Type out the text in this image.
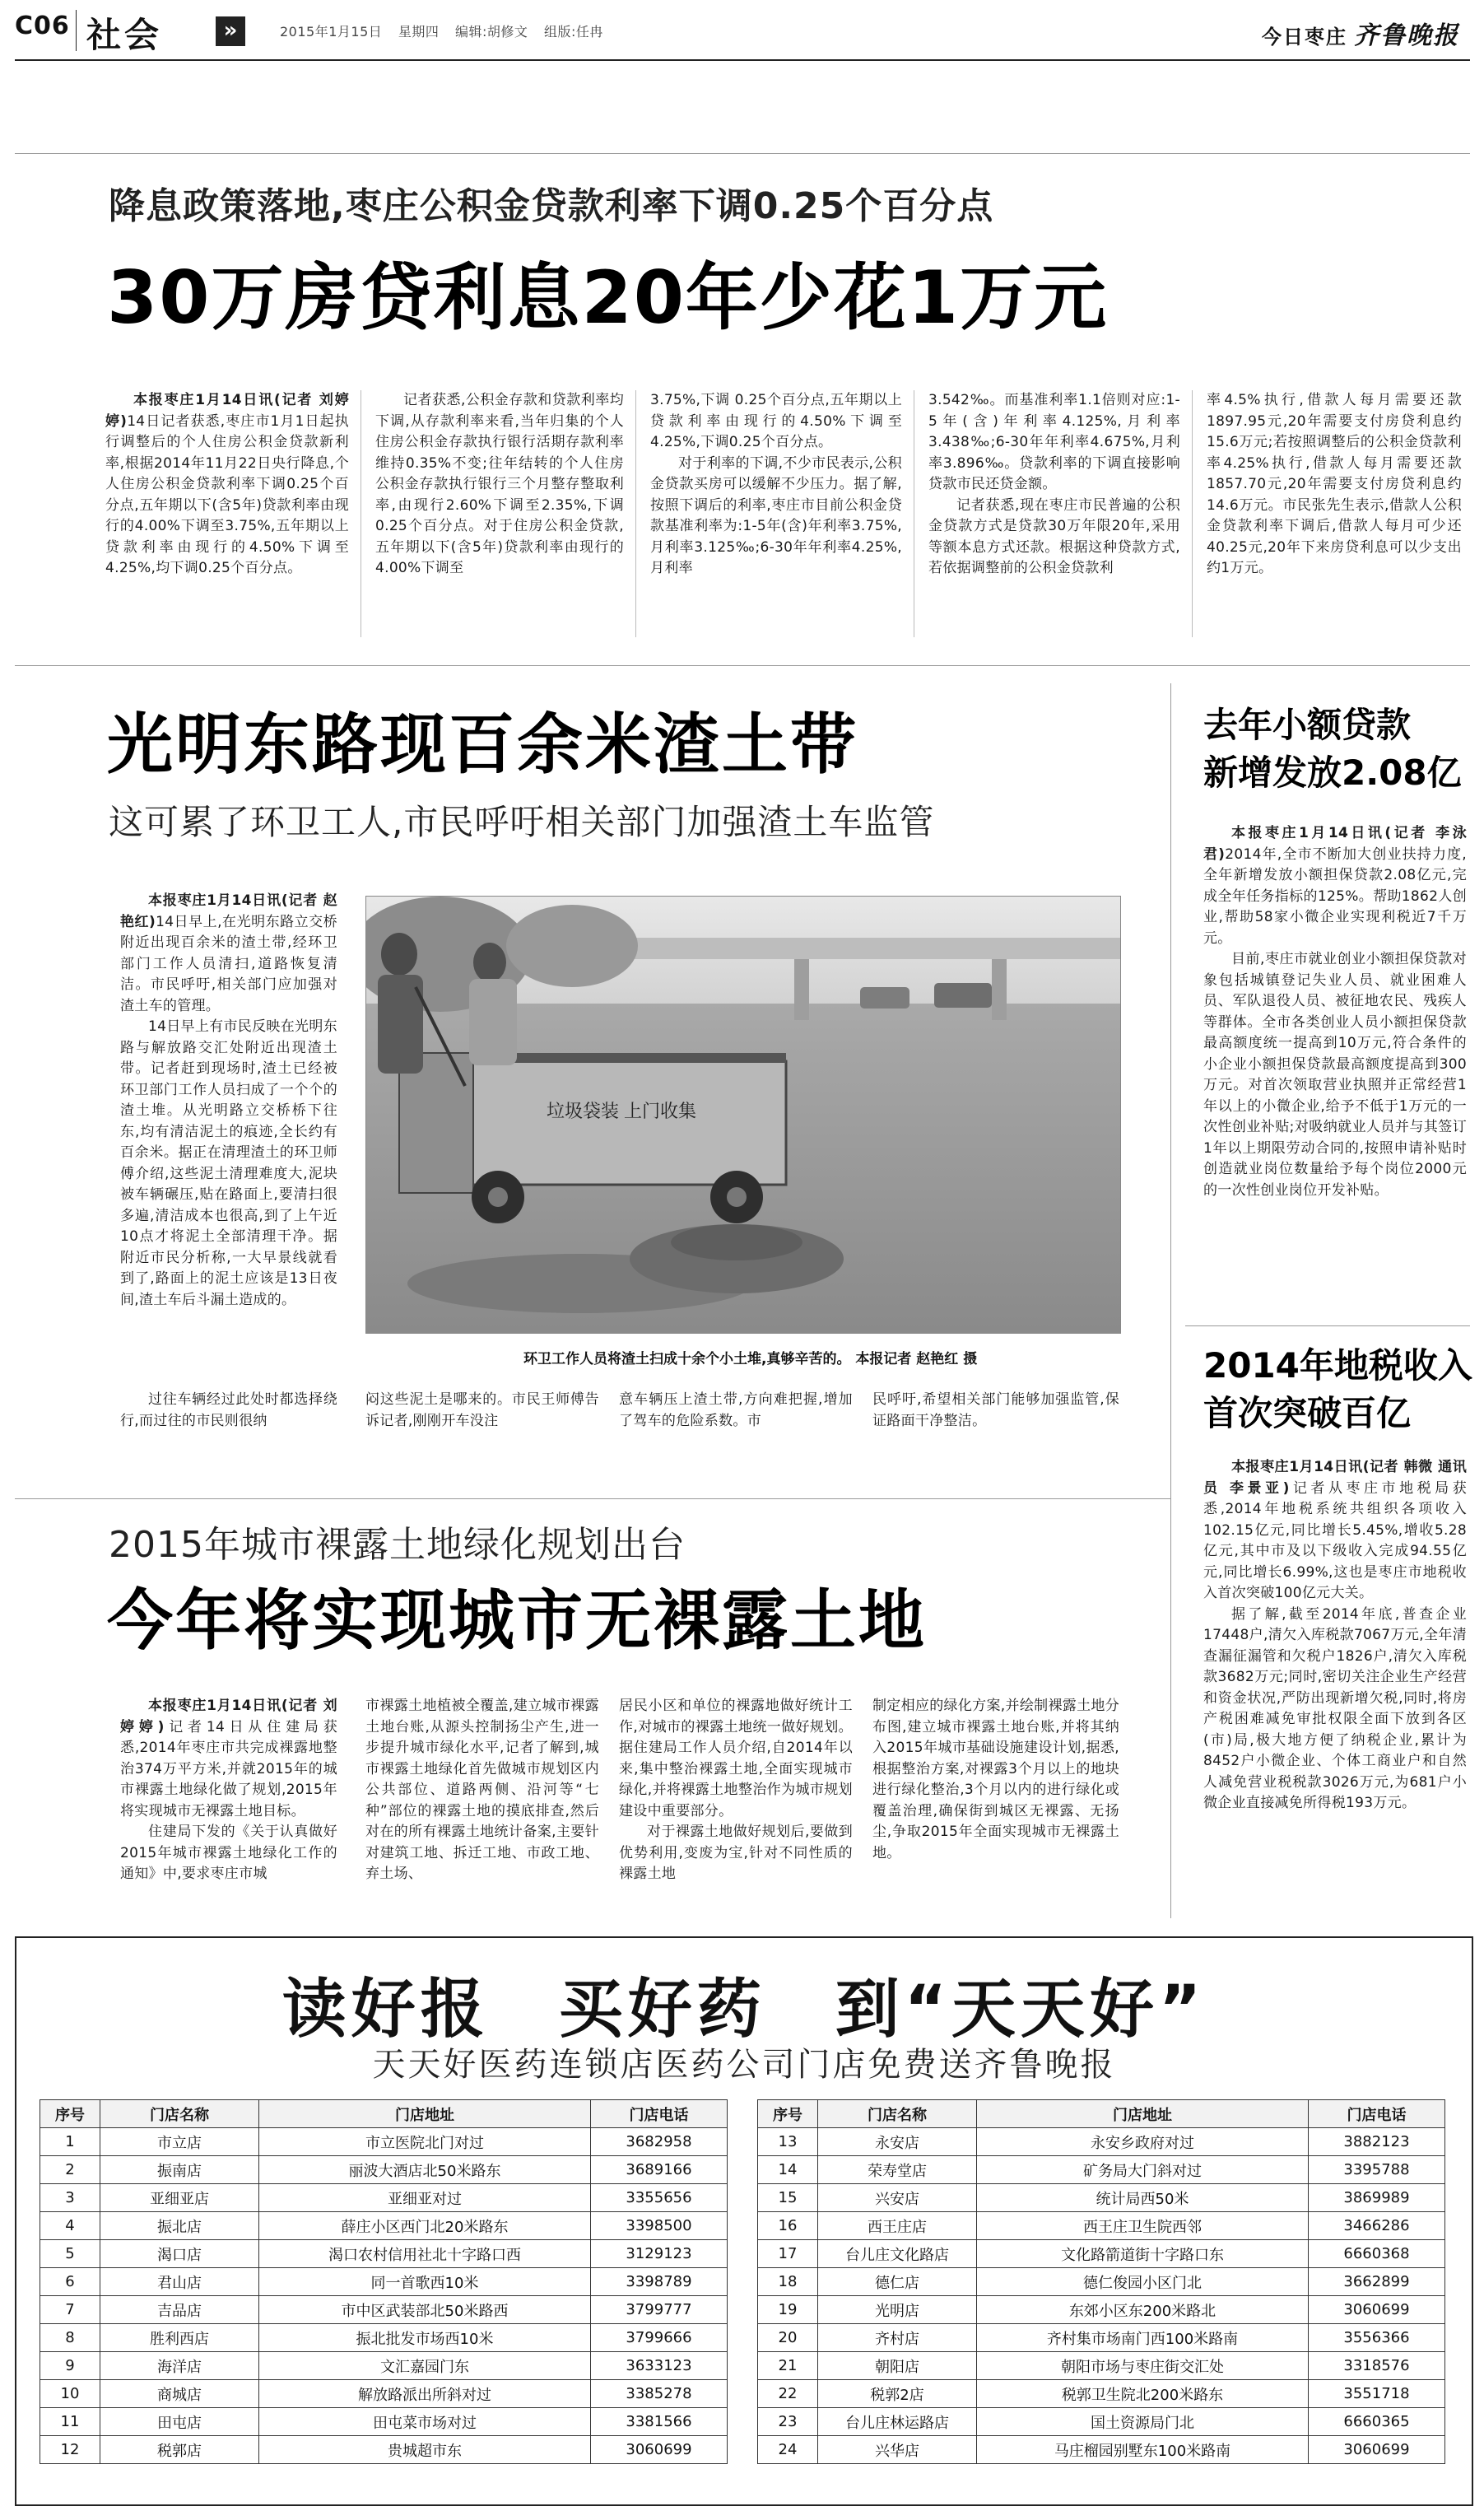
C06 社会	»	2015年1月15日 星期四 编辑:胡修文 组版:任冉	今日枣庄 齐鲁晚报
降息政策落地,枣庄公积金贷款利率下调0.25个百分点
30万房贷利息20年少花1万元

本报枣庄1月14日讯(记者 刘婷婷)14日记者获悉,枣庄市1月1日起执行调整后的个人住房公积金贷款新利率,根据2014年11月22日央行降息,个人住房公积金贷款利率下调0.25个百分点,五年期以下(含5年)贷款利率由现行的4.00%下调至3.75%,五年期以上贷款利率由现行的4.50%下调至4.25%,均下调0.25个百分点。

记者获悉,公积金存款和贷款利率均下调,从存款利率来看,当年归集的个人住房公积金存款执行银行活期存款利率维持0.35%不变;往年结转的个人住房公积金存款执行银行三个月整存整取利率,由现行2.60%下调至2.35%,下调0.25个百分点。对于住房公积金贷款,五年期以下(含5年)贷款利率由现行的4.00%下调至

3.75%,下调 0.25个百分点,五年期以上贷款利率由现行的4.50%下调至4.25%,下调0.25个百分点。

对于利率的下调,不少市民表示,公积金贷款买房可以缓解不少压力。据了解,按照下调后的利率,枣庄市目前公积金贷款基准利率为:1-5年(含)年利率3.75%,月利率3.125‰;6-30年年利率4.25%,月利率

3.542‰。而基准利率1.1倍则对应:1-5年(含)年利率4.125%,月利率3.438‰;6-30年年利率4.675%,月利率3.896‰。贷款利率的下调直接影响贷款市民还贷金额。

记者获悉,现在枣庄市民普遍的公积金贷款方式是贷款30万年限20年,采用等额本息方式还款。根据这种贷款方式,若依据调整前的公积金贷款利

率4.5%执行,借款人每月需要还款1897.95元,20年需要支付房贷利息约15.6万元;若按照调整后的公积金贷款利率4.25%执行,借款人每月需要还款1857.70元,20年需要支付房贷利息约14.6万元。市民张先生表示,借款人公积金贷款利率下调后,借款人每月可少还40.25元,20年下来房贷利息可以少支出约1万元。

光明东路现百余米渣土带
这可累了环卫工人,市民呼吁相关部门加强渣土车监管

本报枣庄1月14日讯(记者 赵艳红)14日早上,在光明东路立交桥附近出现百余米的渣土带,经环卫部门工作人员清扫,道路恢复清洁。市民呼吁,相关部门应加强对渣土车的管理。

14日早上有市民反映在光明东路与解放路交汇处附近出现渣土带。记者赶到现场时,渣土已经被环卫部门工作人员扫成了一个个的渣土堆。从光明路立交桥桥下往东,均有清洁泥土的痕迹,全长约有百余米。据正在清理渣土的环卫师傅介绍,这些泥土清理难度大,泥块被车辆碾压,贴在路面上,要清扫很多遍,清洁成本也很高,到了上午近10点才将泥土全部清理干净。据附近市民分析称,一大早景线就看到了,路面上的泥土应该是13日夜间,渣土车后斗漏土造成的。

垃圾袋装 上门收集
环卫工作人员将渣土扫成十余个小土堆,真够辛苦的。 本报记者 赵艳红 摄

过往车辆经过此处时都选择绕行,而过往的市民则很纳

闷这些泥土是哪来的。市民王师傅告诉记者,刚刚开车没注

意车辆压上渣土带,方向难把握,增加了驾车的危险系数。市

民呼吁,希望相关部门能够加强监管,保证路面干净整洁。

去年小额贷款
新增发放2.08亿

本报枣庄1月14日讯(记者 李泳君)2014年,全市不断加大创业扶持力度,全年新增发放小额担保贷款2.08亿元,完成全年任务指标的125%。帮助1862人创业,帮助58家小微企业实现利税近7千万元。

目前,枣庄市就业创业小额担保贷款对象包括城镇登记失业人员、就业困难人员、军队退役人员、被征地农民、残疾人等群体。全市各类创业人员小额担保贷款最高额度统一提高到10万元,符合条件的小企业小额担保贷款最高额度提高到300万元。对首次领取营业执照并正常经营1年以上的小微企业,给予不低于1万元的一次性创业补贴;对吸纳就业人员并与其签订1年以上期限劳动合同的,按照申请补贴时创造就业岗位数量给予每个岗位2000元的一次性创业岗位开发补贴。

2014年地税收入
首次突破百亿

本报枣庄1月14日讯(记者 韩微 通讯员 李景亚)记者从枣庄市地税局获悉,2014年地税系统共组织各项收入102.15亿元,同比增长5.45%,增收5.28亿元,其中市及以下级收入完成94.55亿元,同比增长6.99%,这也是枣庄市地税收入首次突破100亿元大关。

据了解,截至2014年底,普查企业17448户,清欠入库税款7067万元,全年清查漏征漏管和欠税户1826户,清欠入库税款3682万元;同时,密切关注企业生产经营和资金状况,严防出现新增欠税,同时,将房产税困难减免审批权限全面下放到各区(市)局,极大地方便了纳税企业,累计为8452户小微企业、个体工商业户和自然人减免营业税税款3026万元,为681户小微企业直接减免所得税193万元。

2015年城市裸露土地绿化规划出台
今年将实现城市无裸露土地

本报枣庄1月14日讯(记者 刘婷婷)记者14日从住建局获悉,2014年枣庄市共完成裸露地整治374万平方米,并就2015年的城市裸露土地绿化做了规划,2015年将实现城市无裸露土地目标。

住建局下发的《关于认真做好2015年城市裸露土地绿化工作的通知》中,要求枣庄市城

市裸露土地植被全覆盖,建立城市裸露土地台账,从源头控制扬尘产生,进一步提升城市绿化水平,记者了解到,城市裸露土地绿化首先做城市规划区内公共部位、道路两侧、沿河等“七种”部位的裸露土地的摸底排查,然后对在的所有裸露土地统计备案,主要针对建筑工地、拆迁工地、市政工地、弃土场、

居民小区和单位的裸露地做好统计工作,对城市的裸露土地统一做好规划。据住建局工作人员介绍,自2014年以来,集中整治裸露土地,全面实现城市绿化,并将裸露土地整治作为城市规划建设中重要部分。

对于裸露土地做好规划后,要做到优势利用,变废为宝,针对不同性质的裸露土地

制定相应的绿化方案,并绘制裸露土地分布图,建立城市裸露土地台账,并将其纳入2015年城市基础设施建设计划,据悉,根据整治方案,对裸露3个月以上的地块进行绿化整治,3个月以内的进行绿化或覆盖治理,确保街到城区无裸露、无扬尘,争取2015年全面实现城市无裸露土地。

读好报　买好药　到“天天好”
天天好医药连锁店医药公司门店免费送齐鲁晚报
序号	门店名称	门店地址	门店电话
1	市立店	市立医院北门对过	3682958
2	振南店	丽波大酒店北50米路东	3689166
3	亚细亚店	亚细亚对过	3355656
4	振北店	薛庄小区西门北20米路东	3398500
5	渴口店	渴口农村信用社北十字路口西	3129123
6	君山店	同一首歌西10米	3398789
7	吉品店	市中区武装部北50米路西	3799777
8	胜利西店	振北批发市场西10米	3799666
9	海洋店	文汇嘉园门东	3633123
10	商城店	解放路派出所斜对过	3385278
11	田屯店	田屯菜市场对过	3381566
12	税郭店	贵城超市东	3060699
序号	门店名称	门店地址	门店电话
13	永安店	永安乡政府对过	3882123
14	荣寿堂店	矿务局大门斜对过	3395788
15	兴安店	统计局西50米	3869989
16	西王庄店	西王庄卫生院西邻	3466286
17	台儿庄文化路店	文化路箭道街十字路口东	6660368
18	德仁店	德仁俊园小区门北	3662899
19	光明店	东郊小区东200米路北	3060699
20	齐村店	齐村集市场南门西100米路南	3556366
21	朝阳店	朝阳市场与枣庄街交汇处	3318576
22	税郭2店	税郭卫生院北200米路东	3551718
23	台儿庄林运路店	国土资源局门北	6660365
24	兴华店	马庄榴园别墅东100米路南	3060699
